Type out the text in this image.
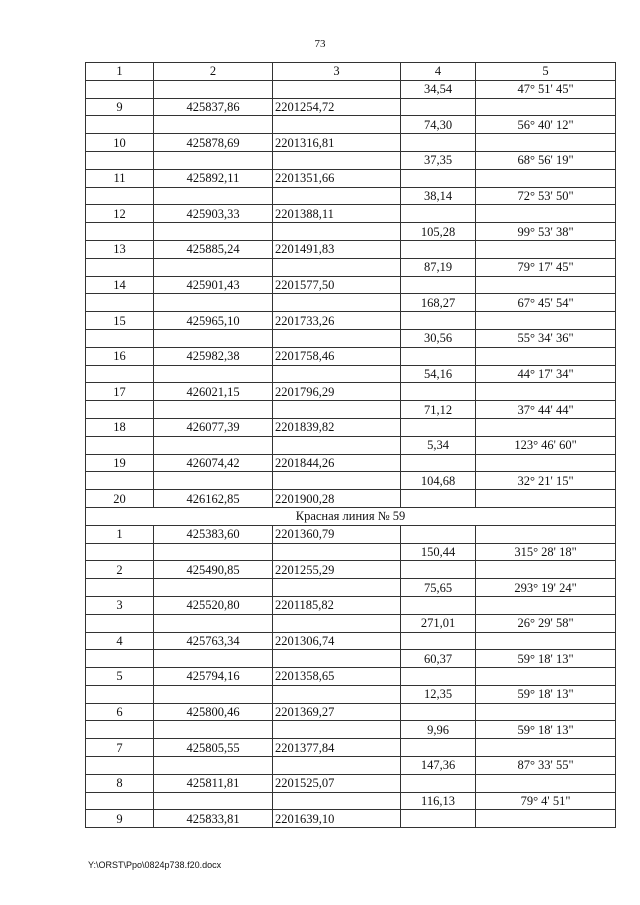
73
1	2	3	4	5
			34,54	47° 51' 45"
9	425837,86	2201254,72		
			74,30	56° 40' 12"
10	425878,69	2201316,81		
			37,35	68° 56' 19"
11	425892,11	2201351,66		
			38,14	72° 53' 50"
12	425903,33	2201388,11		
			105,28	99° 53' 38"
13	425885,24	2201491,83		
			87,19	79° 17' 45"
14	425901,43	2201577,50		
			168,27	67° 45' 54"
15	425965,10	2201733,26		
			30,56	55° 34' 36"
16	425982,38	2201758,46		
			54,16	44° 17' 34"
17	426021,15	2201796,29		
			71,12	37° 44' 44"
18	426077,39	2201839,82		
			5,34	123° 46' 60"
19	426074,42	2201844,26		
			104,68	32° 21' 15"
20	426162,85	2201900,28		
Красная линия № 59				
1	425383,60	2201360,79		
			150,44	315° 28' 18"
2	425490,85	2201255,29		
			75,65	293° 19' 24"
3	425520,80	2201185,82		
			271,01	26° 29' 58"
4	425763,34	2201306,74		
			60,37	59° 18' 13"
5	425794,16	2201358,65		
			12,35	59° 18' 13"
6	425800,46	2201369,27		
			9,96	59° 18' 13"
7	425805,55	2201377,84		
			147,36	87° 33' 55"
8	425811,81	2201525,07		
			116,13	79° 4' 51"
9	425833,81	2201639,10		
Y:\ORST\Ppo\0824p738.f20.docx
